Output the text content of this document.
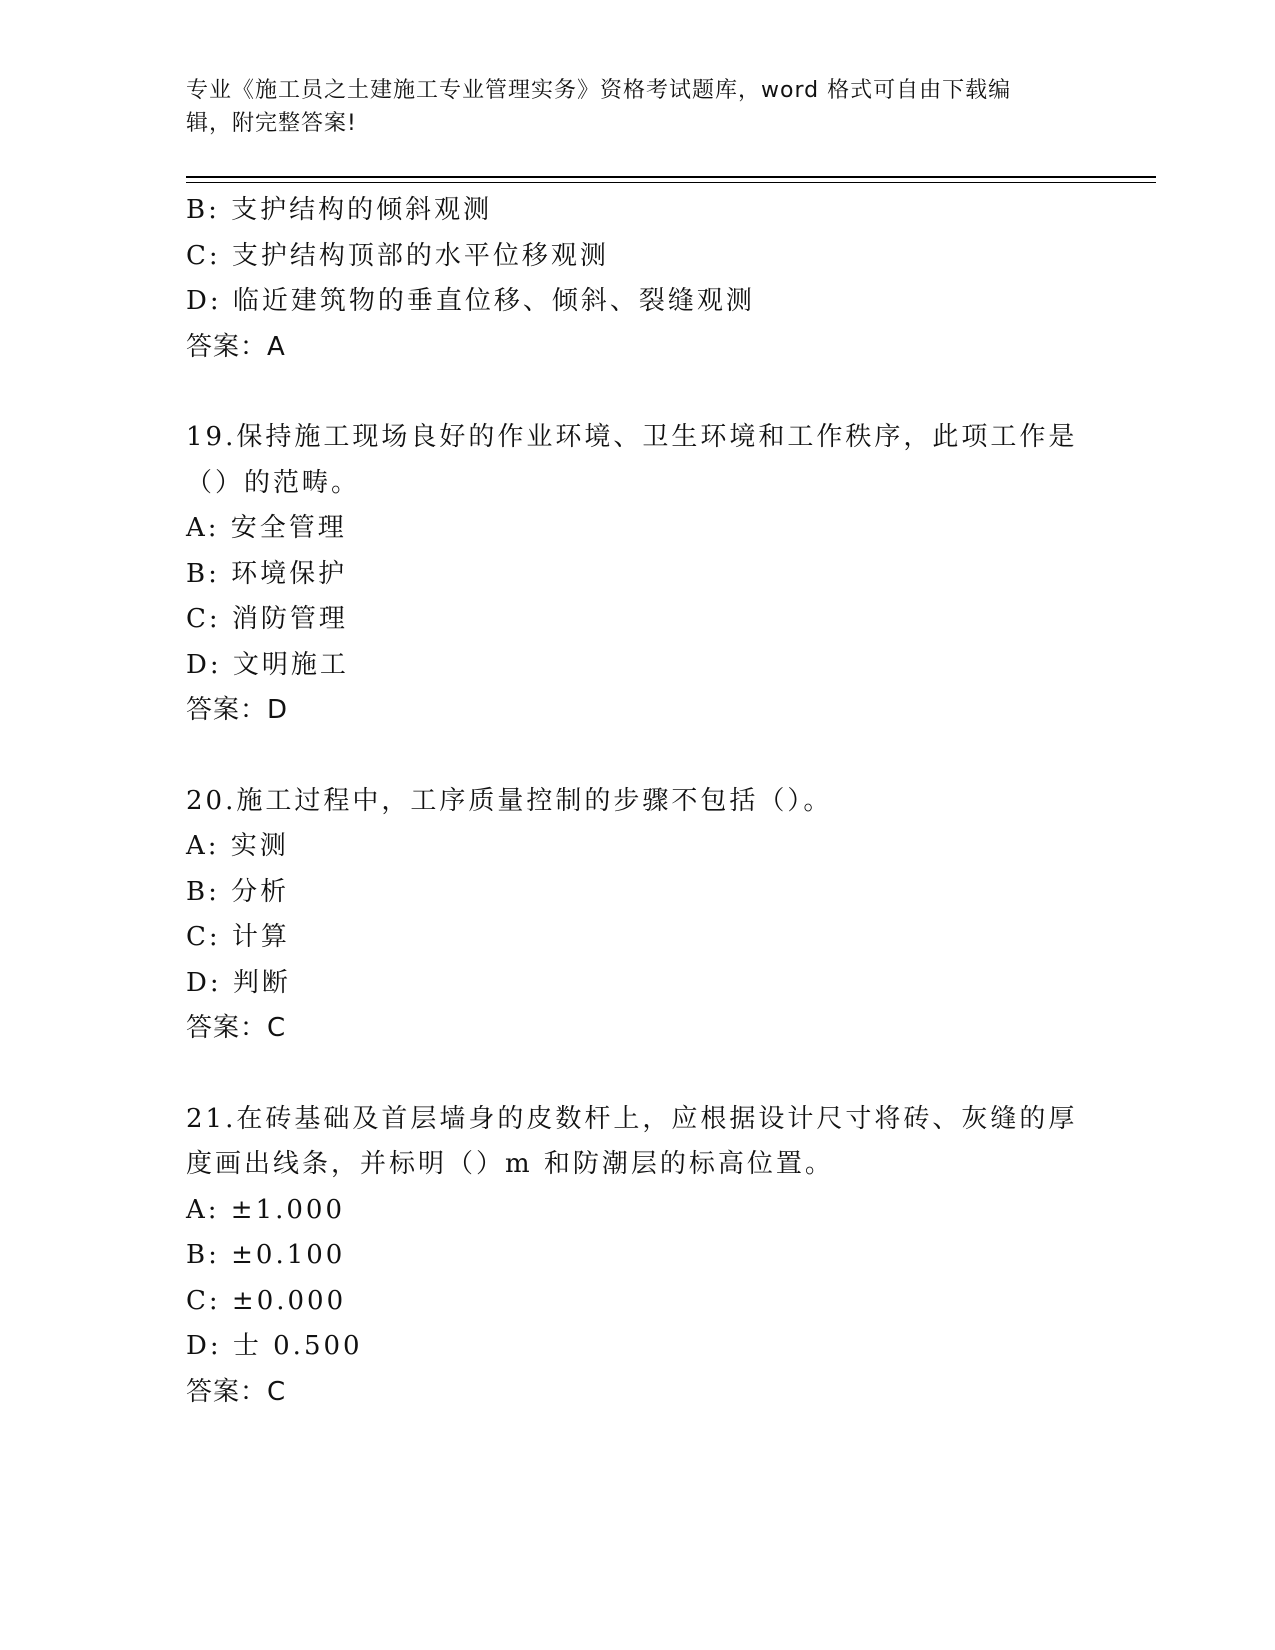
专业《施工员之土建施工专业管理实务》资格考试题库，word 格式可自由下载编
辑，附完整答案!
B: 支护结构的倾斜观测
C: 支护结构顶部的水平位移观测
D: 临近建筑物的垂直位移、倾斜、裂缝观测
答案：A
19.保持施工现场良好的作业环境、卫生环境和工作秩序，此项工作是
（）的范畴。
A: 安全管理
B: 环境保护
C: 消防管理
D: 文明施工
答案：D
20.施工过程中，工序质量控制的步骤不包括（）。
A: 实测
B: 分析
C: 计算
D: 判断
答案：C
21.在砖基础及首层墙身的皮数杆上，应根据设计尺寸将砖、灰缝的厚
度画出线条，并标明（）m 和防潮层的标高位置。
A: ±1.000
B: ±0.100
C: ±0.000
D: 士 0.500
答案：C
